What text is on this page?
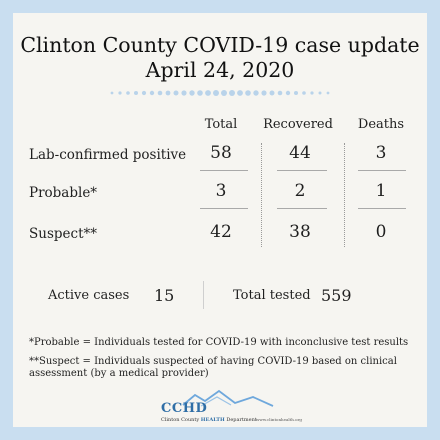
Clinton County COVID-19 case update
April 24, 2020
Total	Recovered	Deaths
Lab-confirmed positive	58	44	3
Probable*	3	2	1
Suspect**	42	38	0
Active cases 15	Total tested 559
*Probable = Individuals tested for COVID-19 with inconclusive test results
**Suspect = Individuals suspected of having COVID-19 based on clinical assessment (by a medical provider)
CCHD
Clinton County HEALTH Department www.clintonhealth.org
